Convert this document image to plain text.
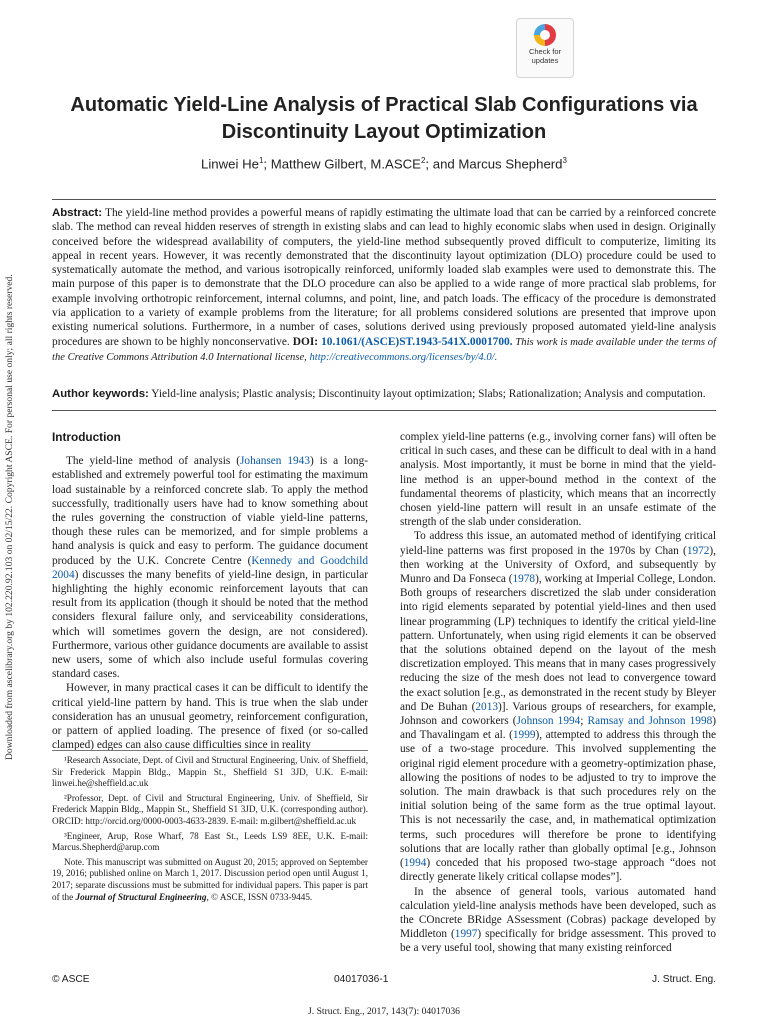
Downloaded from ascelibrary.org by 102.220.92.103 on 02/15/22. Copyright ASCE. For personal use only; all rights reserved.
Check for
updates
Automatic Yield-Line Analysis of Practical Slab Configurations via Discontinuity Layout Optimization
Linwei He$^1$; Matthew Gilbert, M.ASCE$^2$; and Marcus Shepherd$^3$

Abstract: The yield-line method provides a powerful means of rapidly estimating the ultimate load that can be carried by a reinforced concrete slab. The method can reveal hidden reserves of strength in existing slabs and can lead to highly economic slabs when used in design. Originally conceived before the widespread availability of computers, the yield-line method subsequently proved difficult to computerize, limiting its appeal in recent years. However, it was recently demonstrated that the discontinuity layout optimization (DLO) procedure could be used to systematically automate the method, and various isotropically reinforced, uniformly loaded slab examples were used to demonstrate this. The main purpose of this paper is to demonstrate that the DLO procedure can also be applied to a wide range of more practical slab problems, for example involving orthotropic reinforcement, internal columns, and point, line, and patch loads. The efficacy of the procedure is demonstrated via application to a variety of example problems from the literature; for all problems considered solutions are presented that improve upon existing numerical solutions. Furthermore, in a number of cases, solutions derived using previously proposed automated yield-line analysis procedures are shown to be highly nonconservative. DOI: 10.1061/(ASCE)ST.1943-541X.0001700. This work is made available under the terms of the Creative Commons Attribution 4.0 International license, http://creativecommons.org/licenses/by/4.0/.

Author keywords: Yield-line analysis; Plastic analysis; Discontinuity layout optimization; Slabs; Rationalization; Analysis and computation.

Introduction

The yield-line method of analysis (Johansen 1943) is a long-established and extremely powerful tool for estimating the maximum load sustainable by a reinforced concrete slab. To apply the method successfully, traditionally users have had to know something about the rules governing the construction of viable yield-line patterns, though these rules can be memorized, and for simple problems a hand analysis is quick and easy to perform. The guidance document produced by the U.K. Concrete Centre (Kennedy and Goodchild 2004) discusses the many benefits of yield-line design, in particular highlighting the highly economic reinforcement layouts that can result from its application (though it should be noted that the method considers flexural failure only, and serviceability considerations, which will sometimes govern the design, are not considered). Furthermore, various other guidance documents are available to assist new users, some of which also include useful formulas covering standard cases.

However, in many practical cases it can be difficult to identify the critical yield-line pattern by hand. This is true when the slab under consideration has an unusual geometry, reinforcement configuration, or pattern of applied loading. The presence of fixed (or so-called clamped) edges can also cause difficulties since in reality

¹Research Associate, Dept. of Civil and Structural Engineering, Univ. of Sheffield, Sir Frederick Mappin Bldg., Mappin St., Sheffield S1 3JD, U.K. E-mail: linwei.he@sheffield.ac.uk

²Professor, Dept. of Civil and Structural Engineering, Univ. of Sheffield, Sir Frederick Mappin Bldg., Mappin St., Sheffield S1 3JD, U.K. (corresponding author). ORCID: http://orcid.org/0000-0003-4633-2839. E-mail: m.gilbert@sheffield.ac.uk

³Engineer, Arup, Rose Wharf, 78 East St., Leeds LS9 8EE, U.K. E-mail: Marcus.Shepherd@arup.com

Note. This manuscript was submitted on August 20, 2015; approved on September 19, 2016; published online on March 1, 2017. Discussion period open until August 1, 2017; separate discussions must be submitted for individual papers. This paper is part of the Journal of Structural Engineering, © ASCE, ISSN 0733-9445.

complex yield-line patterns (e.g., involving corner fans) will often be critical in such cases, and these can be difficult to deal with in a hand analysis. Most importantly, it must be borne in mind that the yield-line method is an upper-bound method in the context of the fundamental theorems of plasticity, which means that an incorrectly chosen yield-line pattern will result in an unsafe estimate of the strength of the slab under consideration.

To address this issue, an automated method of identifying critical yield-line patterns was first proposed in the 1970s by Chan (1972), then working at the University of Oxford, and subsequently by Munro and Da Fonseca (1978), working at Imperial College, London. Both groups of researchers discretized the slab under consideration into rigid elements separated by potential yield-lines and then used linear programming (LP) techniques to identify the critical yield-line pattern. Unfortunately, when using rigid elements it can be observed that the solutions obtained depend on the layout of the mesh discretization employed. This means that in many cases progressively reducing the size of the mesh does not lead to convergence toward the exact solution [e.g., as demonstrated in the recent study by Bleyer and De Buhan (2013)]. Various groups of researchers, for example, Johnson and coworkers (Johnson 1994; Ramsay and Johnson 1998) and Thavalingam et al. (1999), attempted to address this through the use of a two-stage procedure. This involved supplementing the original rigid element procedure with a geometry-optimization phase, allowing the positions of nodes to be adjusted to try to improve the solution. The main drawback is that such procedures rely on the initial solution being of the same form as the true optimal layout. This is not necessarily the case, and, in mathematical optimization terms, such procedures will therefore be prone to identifying solutions that are locally rather than globally optimal [e.g., Johnson (1994) conceded that his proposed two-stage approach “does not directly generate likely critical collapse modes”].

In the absence of general tools, various automated hand calculation yield-line analysis methods have been developed, such as the COncrete BRidge ASsessment (Cobras) package developed by Middleton (1997) specifically for bridge assessment. This proved to be a very useful tool, showing that many existing reinforced

© ASCE	04017036-1	J. Struct. Eng.
J. Struct. Eng., 2017, 143(7): 04017036
